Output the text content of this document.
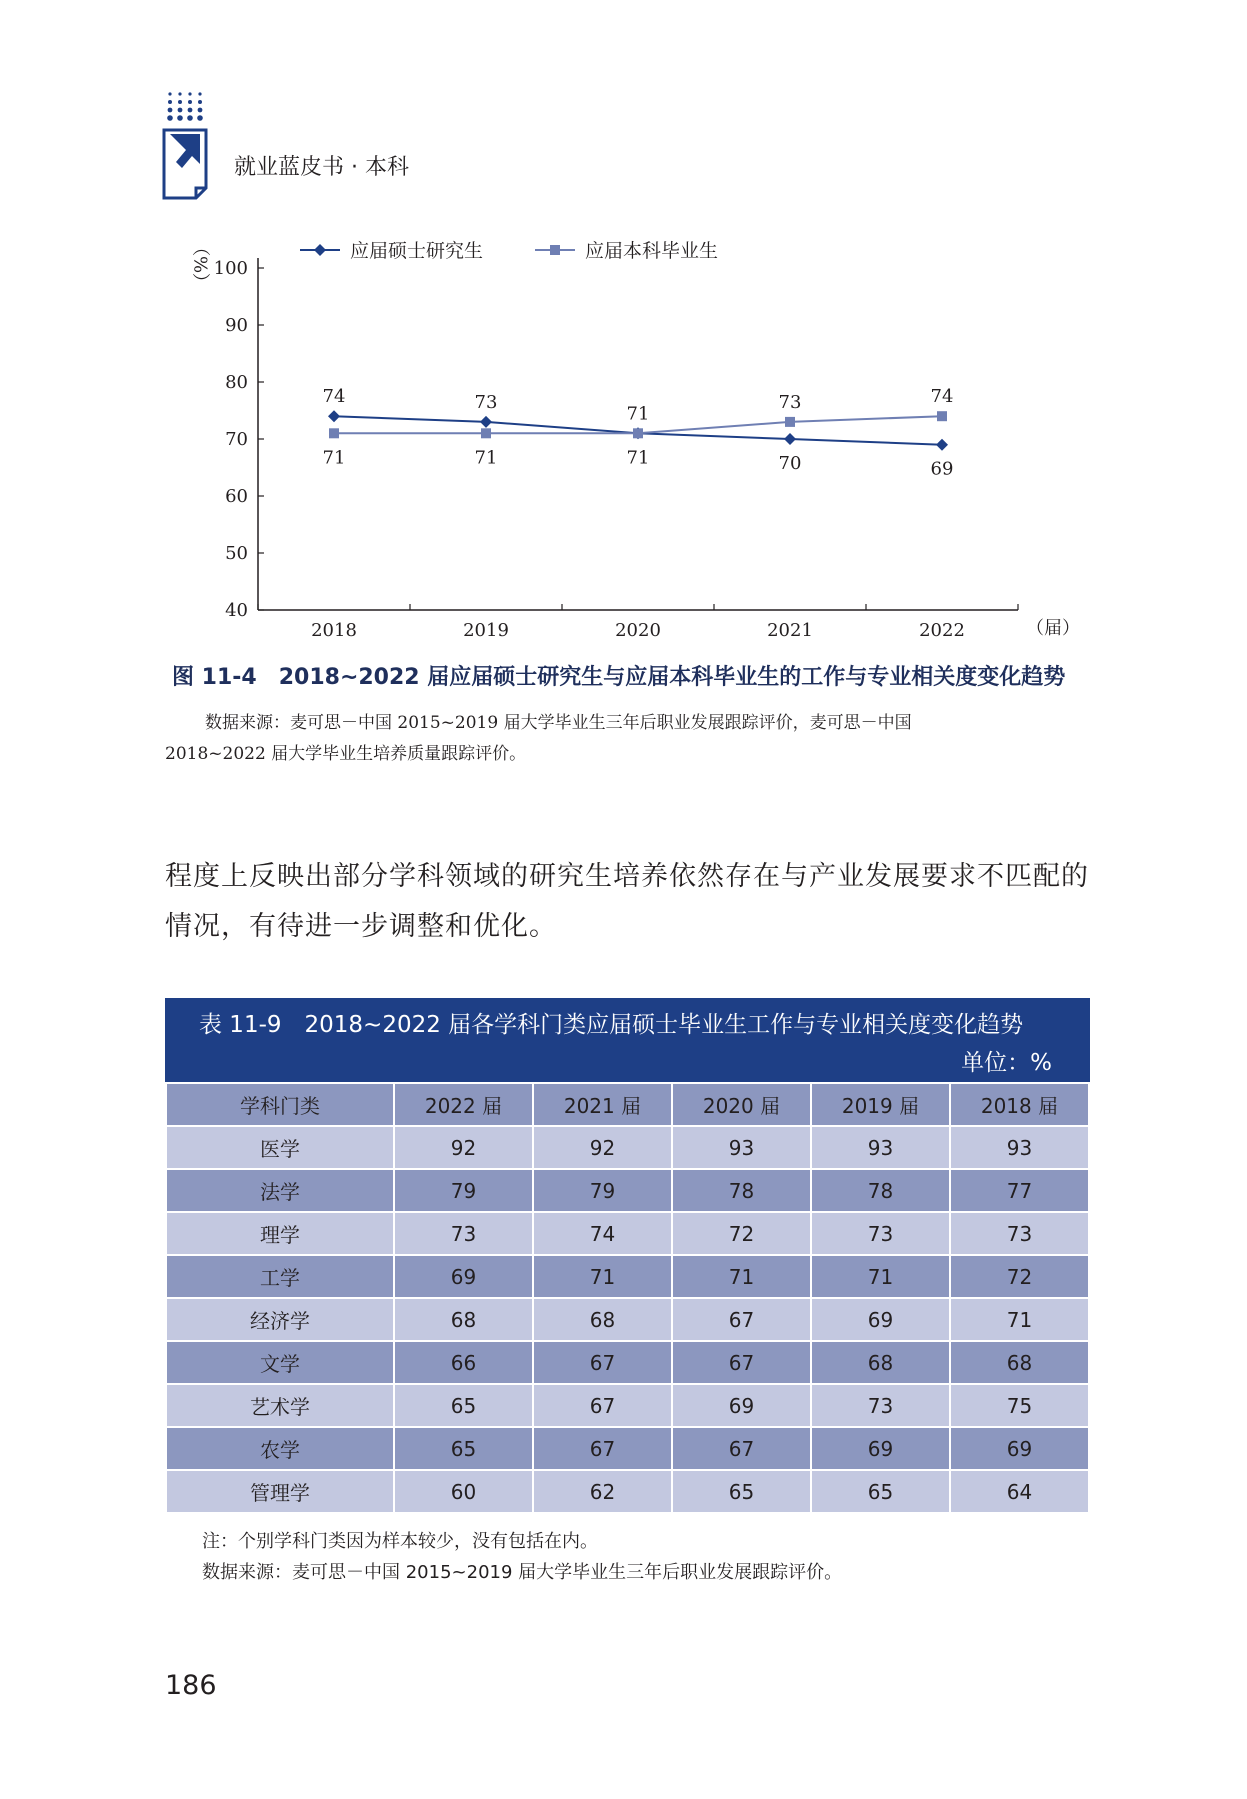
就业蓝皮书 · 本科
应届硕士研究生	应届本科毕业生
40
50
60
70
80
90
100
2018	2019	2020	2021	2022	（届）
（%）
74	73
71
70	69
71	71	71
73	74
图 11-4　2018~2022 届应届硕士研究生与应届本科毕业生的工作与专业相关度变化趋势
数据来源：麦可思－中国 2015~2019 届大学毕业生三年后职业发展跟踪评价，麦可思－中国
2018~2022 届大学毕业生培养质量跟踪评价。
程度上反映出部分学科领域的研究生培养依然存在与产业发展要求不匹配的
情况，有待进一步调整和优化。
表 11-9　2018~2022 届各学科门类应届硕士毕业生工作与专业相关度变化趋势
单位：%
学科门类	2022 届	2021 届	2020 届	2019 届	2018 届
医学	92	92	93	93	93
法学	79	79	78	78	77
理学	73	74	72	73	73
工学	69	71	71	71	72
经济学	68	68	67	69	71
文学	66	67	67	68	68
艺术学	65	67	69	73	75
农学	65	67	67	69	69
管理学	60	62	65	65	64
注：个别学科门类因为样本较少，没有包括在内。
数据来源：麦可思－中国 2015~2019 届大学毕业生三年后职业发展跟踪评价。
186
